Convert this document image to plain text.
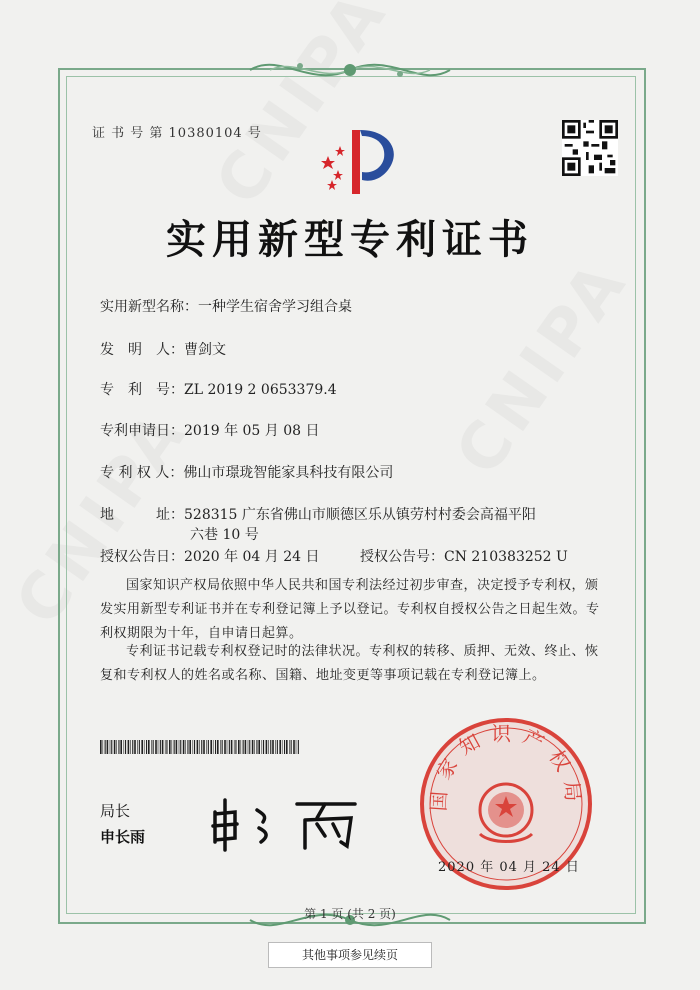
证 书 号 第 10380104 号
实用新型专利证书
实用新型名称：一种学生宿舍学习组合桌
发　明　人：曹剑文
专　利　号：ZL 2019 2 0653379.4
专利申请日：2019 年 05 月 08 日
专 利 权 人：佛山市璟珑智能家具科技有限公司
地　　　址：528315 广东省佛山市顺德区乐从镇劳村村委会高福平阳
六巷 10 号
授权公告日：2020 年 04 月 24 日	授权公告号：CN 210383252 U
国家知识产权局依照中华人民共和国专利法经过初步审查，决定授予专利权，颁发实用新型专利证书并在专利登记簿上予以登记。专利权自授权公告之日起生效。专利权期限为十年，自申请日起算。
专利证书记载专利权登记时的法律状况。专利权的转移、质押、无效、终止、恢复和专利权人的姓名或名称、国籍、地址变更等事项记载在专利登记簿上。
局长
申长雨
国家知识产权局
2020 年 04 月 24 日
第 1 页 (共 2 页)
其他事项参见续页
